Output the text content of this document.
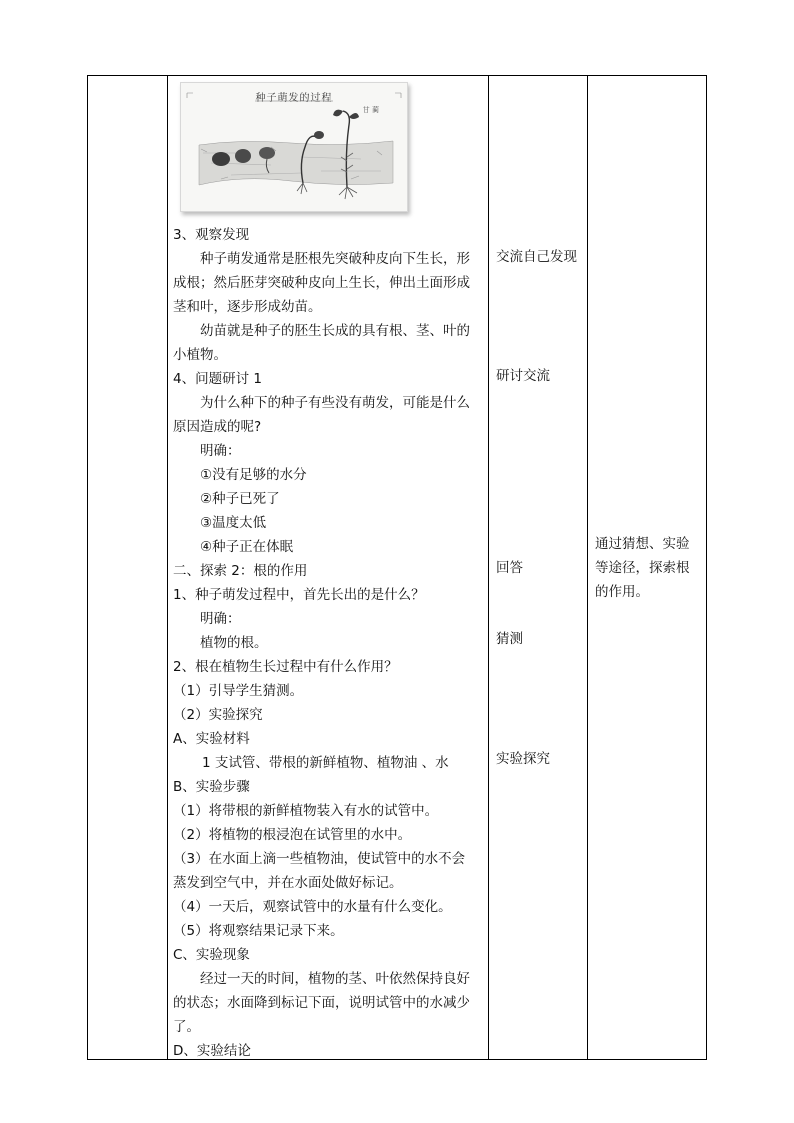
种子萌发的过程
甘 蔺
3、观察发现
种子萌发通常是胚根先突破种皮向下生长，形
成根；然后胚芽突破种皮向上生长，伸出土面形成
茎和叶，逐步形成幼苗。
幼苗就是种子的胚生长成的具有根、茎、叶的
小植物。
4、问题研讨 1
为什么种下的种子有些没有萌发，可能是什么
原因造成的呢?
明确：
①没有足够的水分
②种子已死了
③温度太低
④种子正在体眠
二、探索 2：根的作用
1、种子萌发过程中，首先长出的是什么？
明确：
植物的根。
2、根在植物生长过程中有什么作用？
（1）引导学生猜测。
（2）实验探究
A、实验材料
1 支试管、带根的新鲜植物、植物油 、水
B、实验步骤
（1）将带根的新鲜植物装入有水的试管中。
（2）将植物的根浸泡在试管里的水中。
（3）在水面上滴一些植物油，使试管中的水不会
蒸发到空气中，并在水面处做好标记。
（4）一天后，观察试管中的水量有什么变化。
（5）将观察结果记录下来。
C、实验现象
经过一天的时间，植物的茎、叶依然保持良好
的状态；水面降到标记下面，说明试管中的水减少
了。
D、实验结论
交流自己发现
研讨交流
回答
猜测
实验探究
通过猜想、实验
等途径，探索根
的作用。
